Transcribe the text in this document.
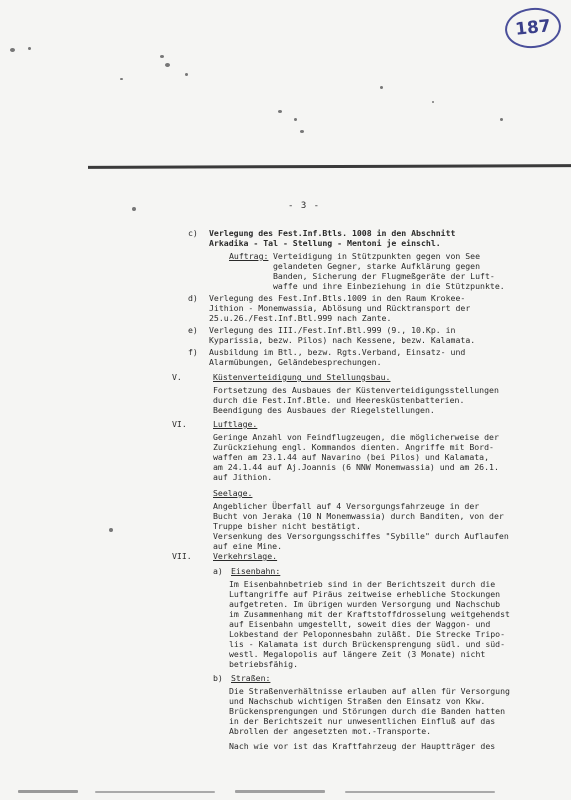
187
- 3 -
c) Verlegung des Fest.Inf.Btls. 1008 in den Abschnitt
Arkadika - Tal - Stellung - Mentoni je einschl.
Auftrag: Verteidigung in Stützpunkten gegen von See
gelandeten Gegner, starke Aufklärung gegen
Banden, Sicherung der Flugmeßgeräte der Luft-
waffe und ihre Einbeziehung in die Stützpunkte.
d) Verlegung des Fest.Inf.Btls.1009 in den Raum Krokee-
Jithion - Monemwassia, Ablösung und Rücktransport der
25.u.26./Fest.Inf.Btl.999 nach Zante.
e) Verlegung des III./Fest.Inf.Btl.999 (9., 10.Kp. in
Kyparissia, bezw. Pilos) nach Kessene, bezw. Kalamata.
f) Ausbildung im Btl., bezw. Rgts.Verband, Einsatz- und
Alarmübungen, Geländebesprechungen.
V.	Küstenverteidigung und Stellungsbau.
Fortsetzung des Ausbaues der Küstenverteidigungsstellungen
durch die Fest.Inf.Btle. und Heeresküstenbatterien.
Beendigung des Ausbaues der Riegelstellungen.
VI.	Luftlage.
Geringe Anzahl von Feindflugzeugen, die möglicherweise der
Zurückziehung engl. Kommandos dienten. Angriffe mit Bord-
waffen am 23.1.44 auf Navarino (bei Pilos) und Kalamata,
am 24.1.44 auf Aj.Joannis (6 NNW Monemwassia) und am 26.1.
auf Jithion.
Seelage.
Angeblicher Überfall auf 4 Versorgungsfahrzeuge in der
Bucht von Jeraka (10 N Monemwassia) durch Banditen, von der
Truppe bisher nicht bestätigt.
Versenkung des Versorgungsschiffes "Sybille" durch Auflaufen
auf eine Mine.
VII.	Verkehrslage.
a) Eisenbahn:
Im Eisenbahnbetrieb sind in der Berichtszeit durch die
Luftangriffe auf Piräus zeitweise erhebliche Stockungen
aufgetreten. Im übrigen wurden Versorgung und Nachschub
im Zusammenhang mit der Kraftstoffdrosselung weitgehendst
auf Eisenbahn umgestellt, soweit dies der Waggon- und
Lokbestand der Peloponnesbahn zuläßt. Die Strecke Tripo-
lis - Kalamata ist durch Brückensprengung südl. und süd-
westl. Megalopolis auf längere Zeit (3 Monate) nicht
betriebsfähig.
b) Straßen:
Die Straßenverhältnisse erlauben auf allen für Versorgung
und Nachschub wichtigen Straßen den Einsatz von Kkw.
Brückensprengungen und Störungen durch die Banden hatten
in der Berichtszeit nur unwesentlichen Einfluß auf das
Abrollen der angesetzten mot.-Transporte.
Nach wie vor ist das Kraftfahrzeug der Hauptträger des
